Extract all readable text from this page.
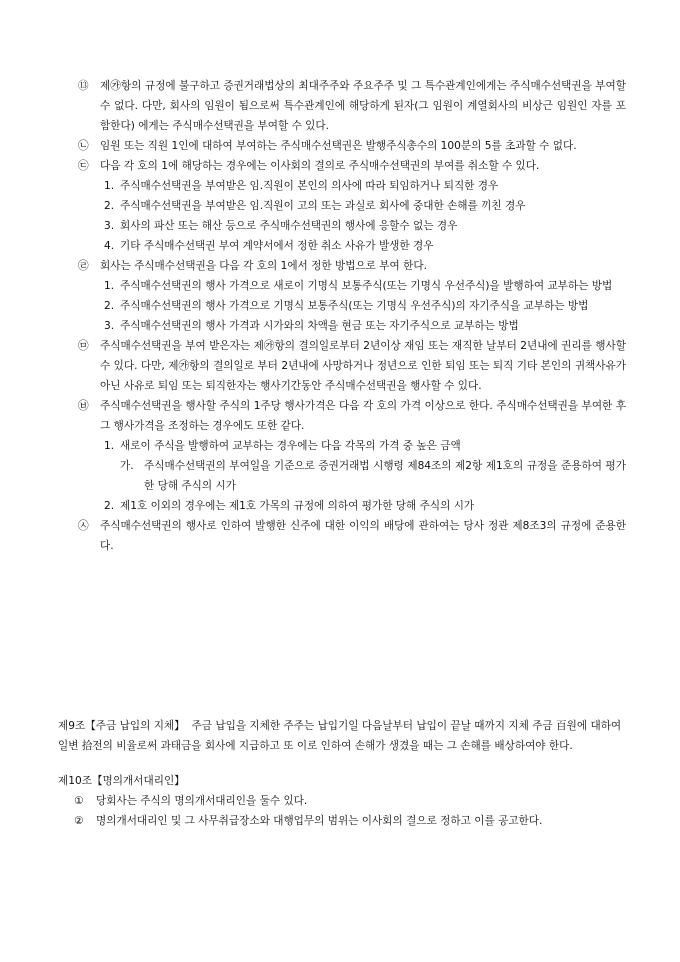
⑬ 제㉮항의 규정에 불구하고 증권거래법상의 최대주주와 주요주주 및 그 특수관계인에게는 주식매수선택권을 부여할 수 없다. 다만, 회사의 임원이 됨으로써 특수관계인에 해당하게 된자(그 임원이 계열회사의 비상근 임원인 자를 포함한다) 에게는 주식매수선택권을 부여할 수 있다.
㉡ 임원 또는 직원 1인에 대하여 부여하는 주식매수선택권은 발행주식총수의 100분의 5를 초과할 수 없다.
㉢ 다음 각 호의 1에 해당하는 경우에는 이사회의 결의로 주식매수선택권의 부여를 취소할 수 있다.
1. 주식매수선택권을 부여받은 임.직원이 본인의 의사에 따라 퇴임하거나 퇴직한 경우
2. 주식매수선택권을 부여받은 임.직원이 고의 또는 과실로 회사에 중대한 손해를 끼친 경우
3. 회사의 파산 또는 해산 등으로 주식매수선택권의 행사에 응할수 없는 경우
4. 기타 주식매수선택권 부여 계약서에서 정한 취소 사유가 발생한 경우
㉣ 회사는 주식매수선택권을 다음 각 호의 1에서 정한 방법으로 부여 한다.
1. 주식매수선택권의 행사 가격으로 새로이 기명식 보통주식(또는 기명식 우선주식)을 발행하여 교부하는 방법
2. 주식매수선택권의 행사 가격으로 기명식 보통주식(또는 기명식 우선주식)의 자기주식을 교부하는 방법
3. 주식매수선택권의 행사 가격과 시가와의 차액을 현금 또는 자기주식으로 교부하는 방법
㉤ 주식매수선택권을 부여 받은자는 제㉮항의 결의일로부터 2년이상 재임 또는 재직한 날부터 2년내에 권리를 행사할 수 있다. 다만, 제㉮항의 결의일로 부터 2년내에 사망하거나 정년으로 인한 퇴임 또는 퇴직 기타 본인의 귀책사유가 아닌 사유로 퇴임 또는 퇴직한자는 행사기간동안 주식매수선택권을 행사할 수 있다.
㉥ 주식매수선택권을 행사할 주식의 1주당 행사가격은 다음 각 호의 가격 이상으로 한다. 주식매수선택권을 부여한 후 그 행사가격을 조정하는 경우에도 또한 같다.
1. 새로이 주식을 발행하여 교부하는 경우에는 다음 각목의 가격 중 높은 금액
가. 주식매수선택권의 부여일을 기준으로 증권거래법 시행령 제84조의 제2항 제1호의 규정을 준용하여 평가한 당해 주식의 시가
2. 제1호 이외의 경우에는 제1호 가목의 규정에 의하여 평가한 당해 주식의 시가
㉦ 주식매수선택권의 행사로 인하여 발행한 신주에 대한 이익의 배당에 관하여는 당사 정관 제8조3의 규정에 준용한다.

제9조【주금 납입의 지체】 주금 납입을 지체한 주주는 납입기일 다음날부터 납입이 끝날 때까지 지체 주금 百원에 대하여 일변 拾전의 비율로써 과태금을 회사에 지급하고 또 이로 인하여 손해가 생겼을 때는 그 손해를 배상하여야 한다.

제10조【명의개서대리인】

① 당회사는 주식의 명의개서대리인을 둘수 있다.
② 명의개서대리인 및 그 사무취급장소와 대행업무의 범위는 이사회의 결으로 정하고 이를 공고한다.
